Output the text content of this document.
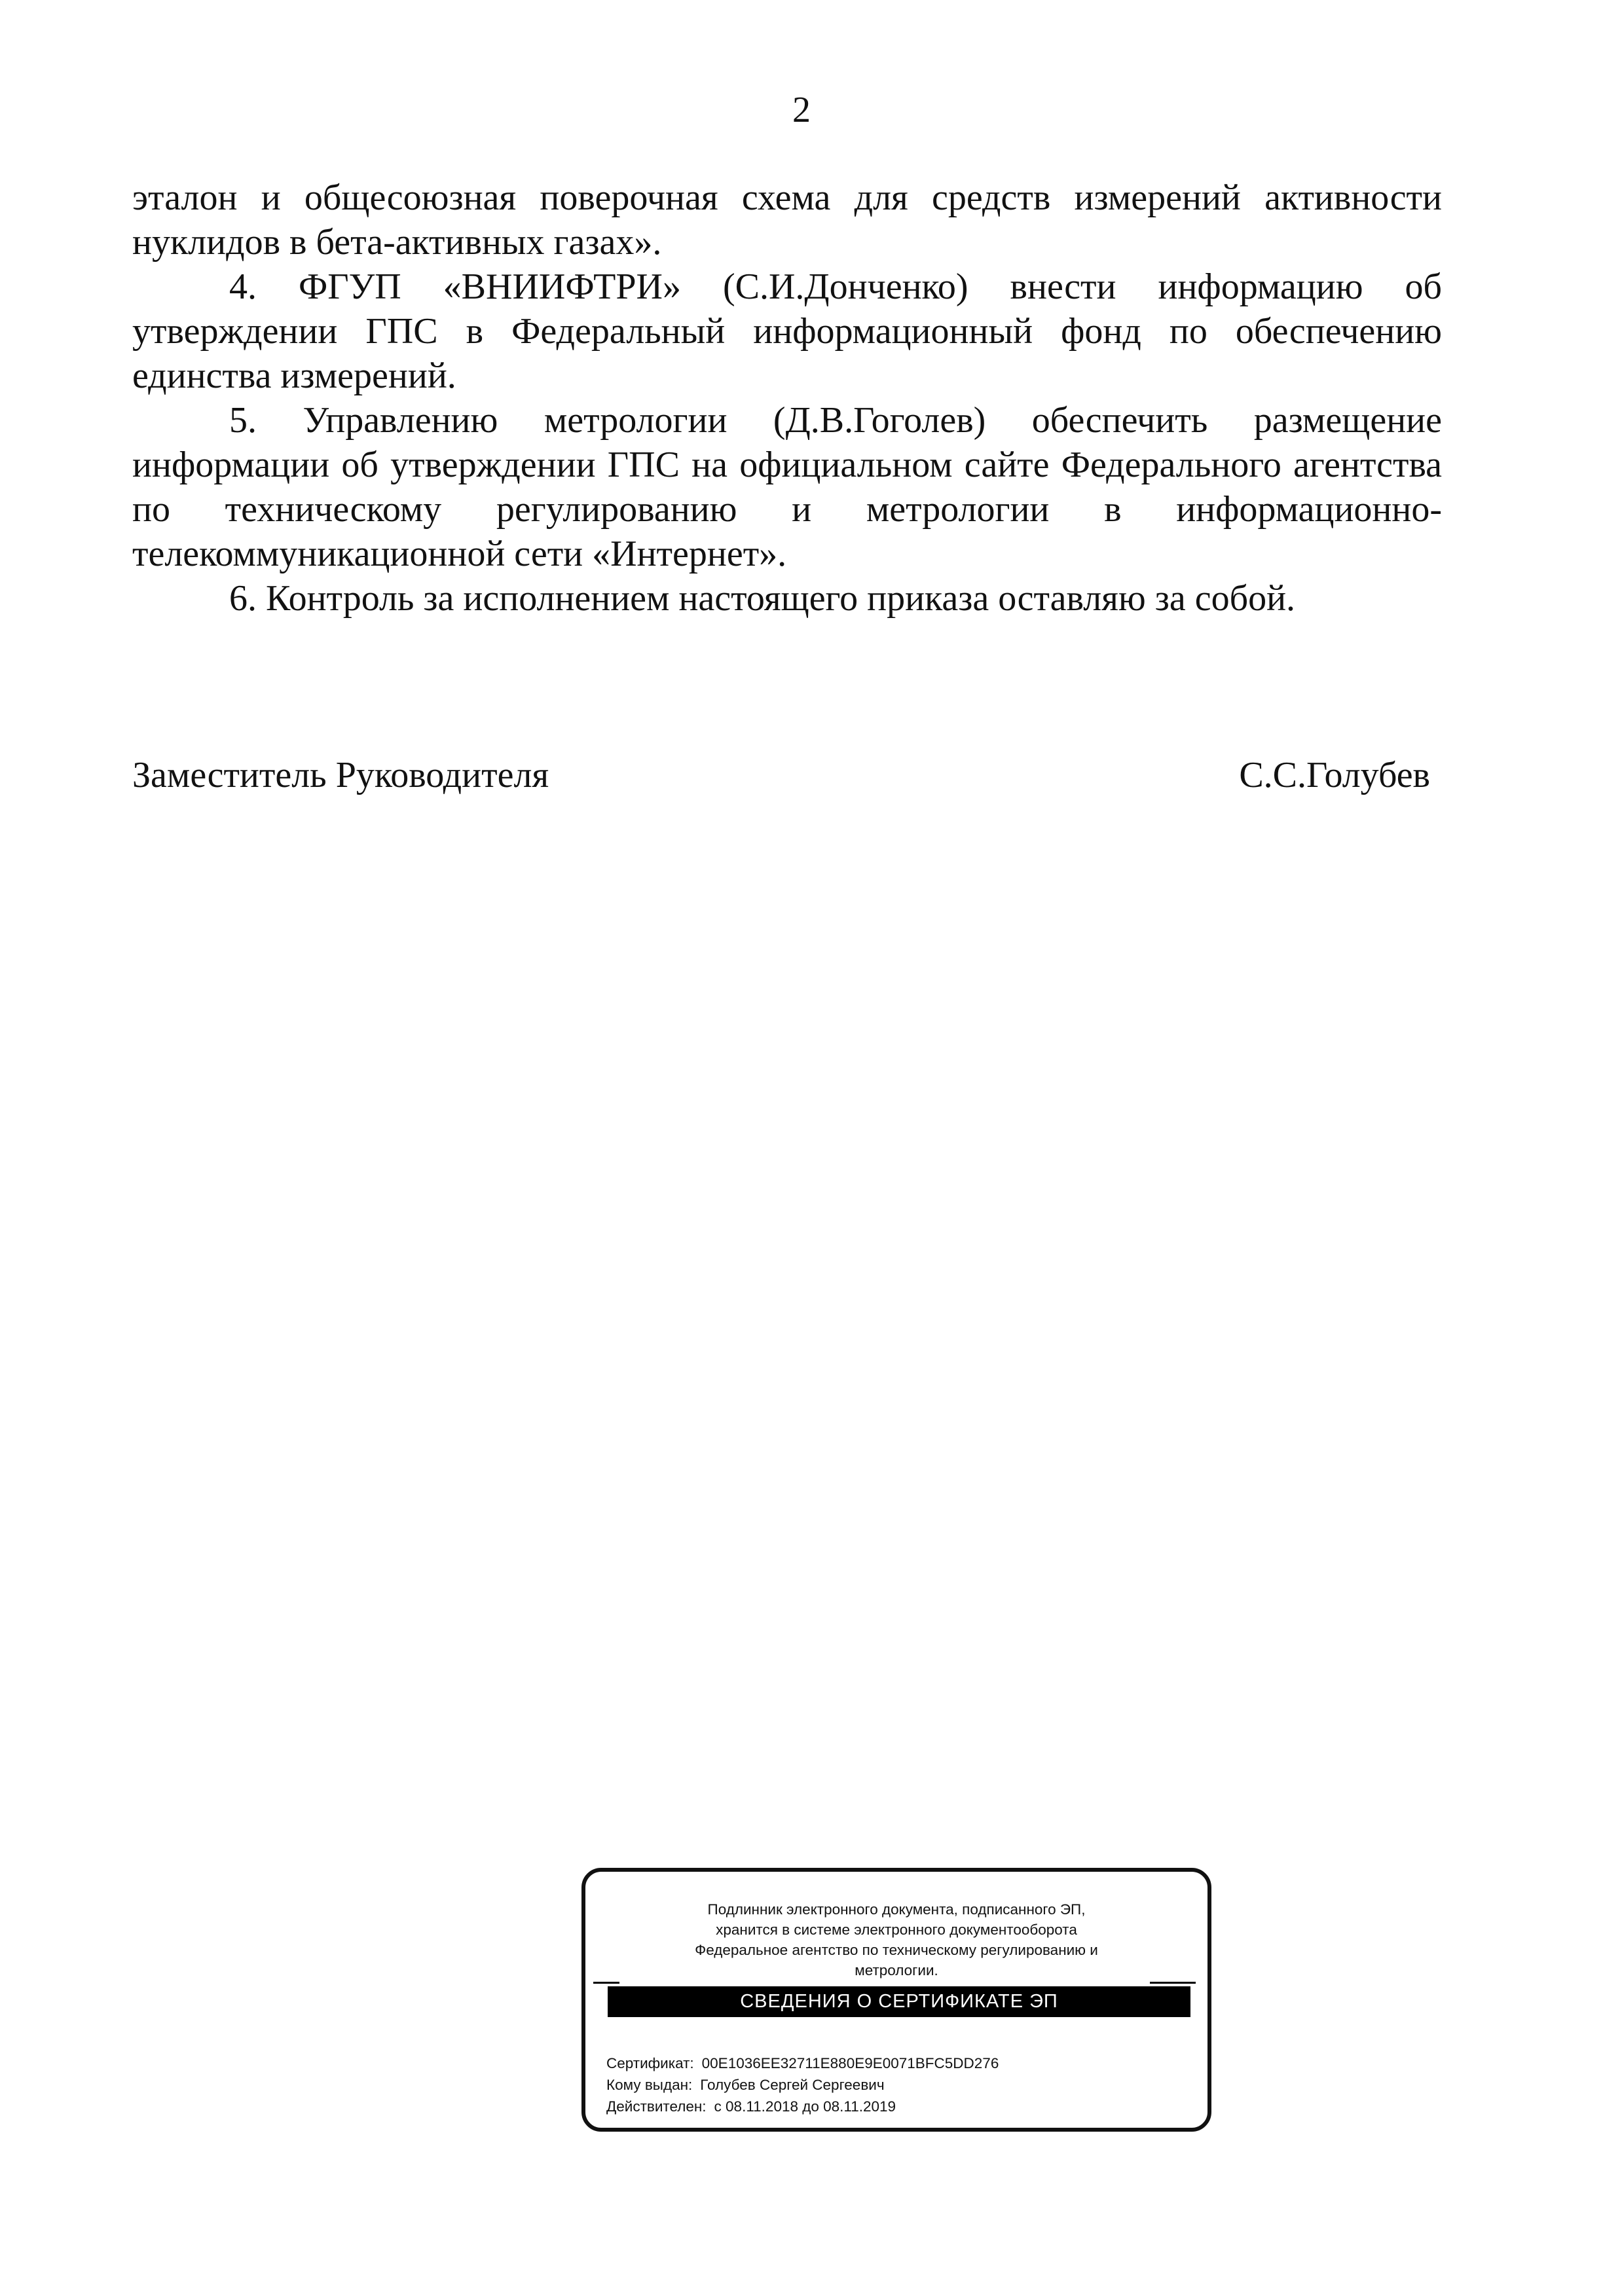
2

эталон и общесоюзная поверочная схема для средств измерений активности нуклидов в бета-активных газах».

4. ФГУП «ВНИИФТРИ» (С.И.Донченко) внести информацию об утверждении ГПС в Федеральный информационный фонд по обеспечению единства измерений.

5. Управлению метрологии (Д.В.Гоголев) обеспечить размещение информации об утверждении ГПС на официальном сайте Федерального агентства по техническому регулированию и метрологии в информационно-телекоммуникационной сети «Интернет».

6. Контроль за исполнением настоящего приказа оставляю за собой.

Заместитель Руководителя	С.С.Голубев
Подлинник электронного документа, подписанного ЭП,
хранится в системе электронного документооборота
Федеральное агентство по техническому регулированию и
метрологии.
СВЕДЕНИЯ О СЕРТИФИКАТЕ ЭП
Сертификат: 00E1036EE32711E880E9E0071BFC5DD276
Кому выдан: Голубев Сергей Сергеевич
Действителен: с 08.11.2018 до 08.11.2019
